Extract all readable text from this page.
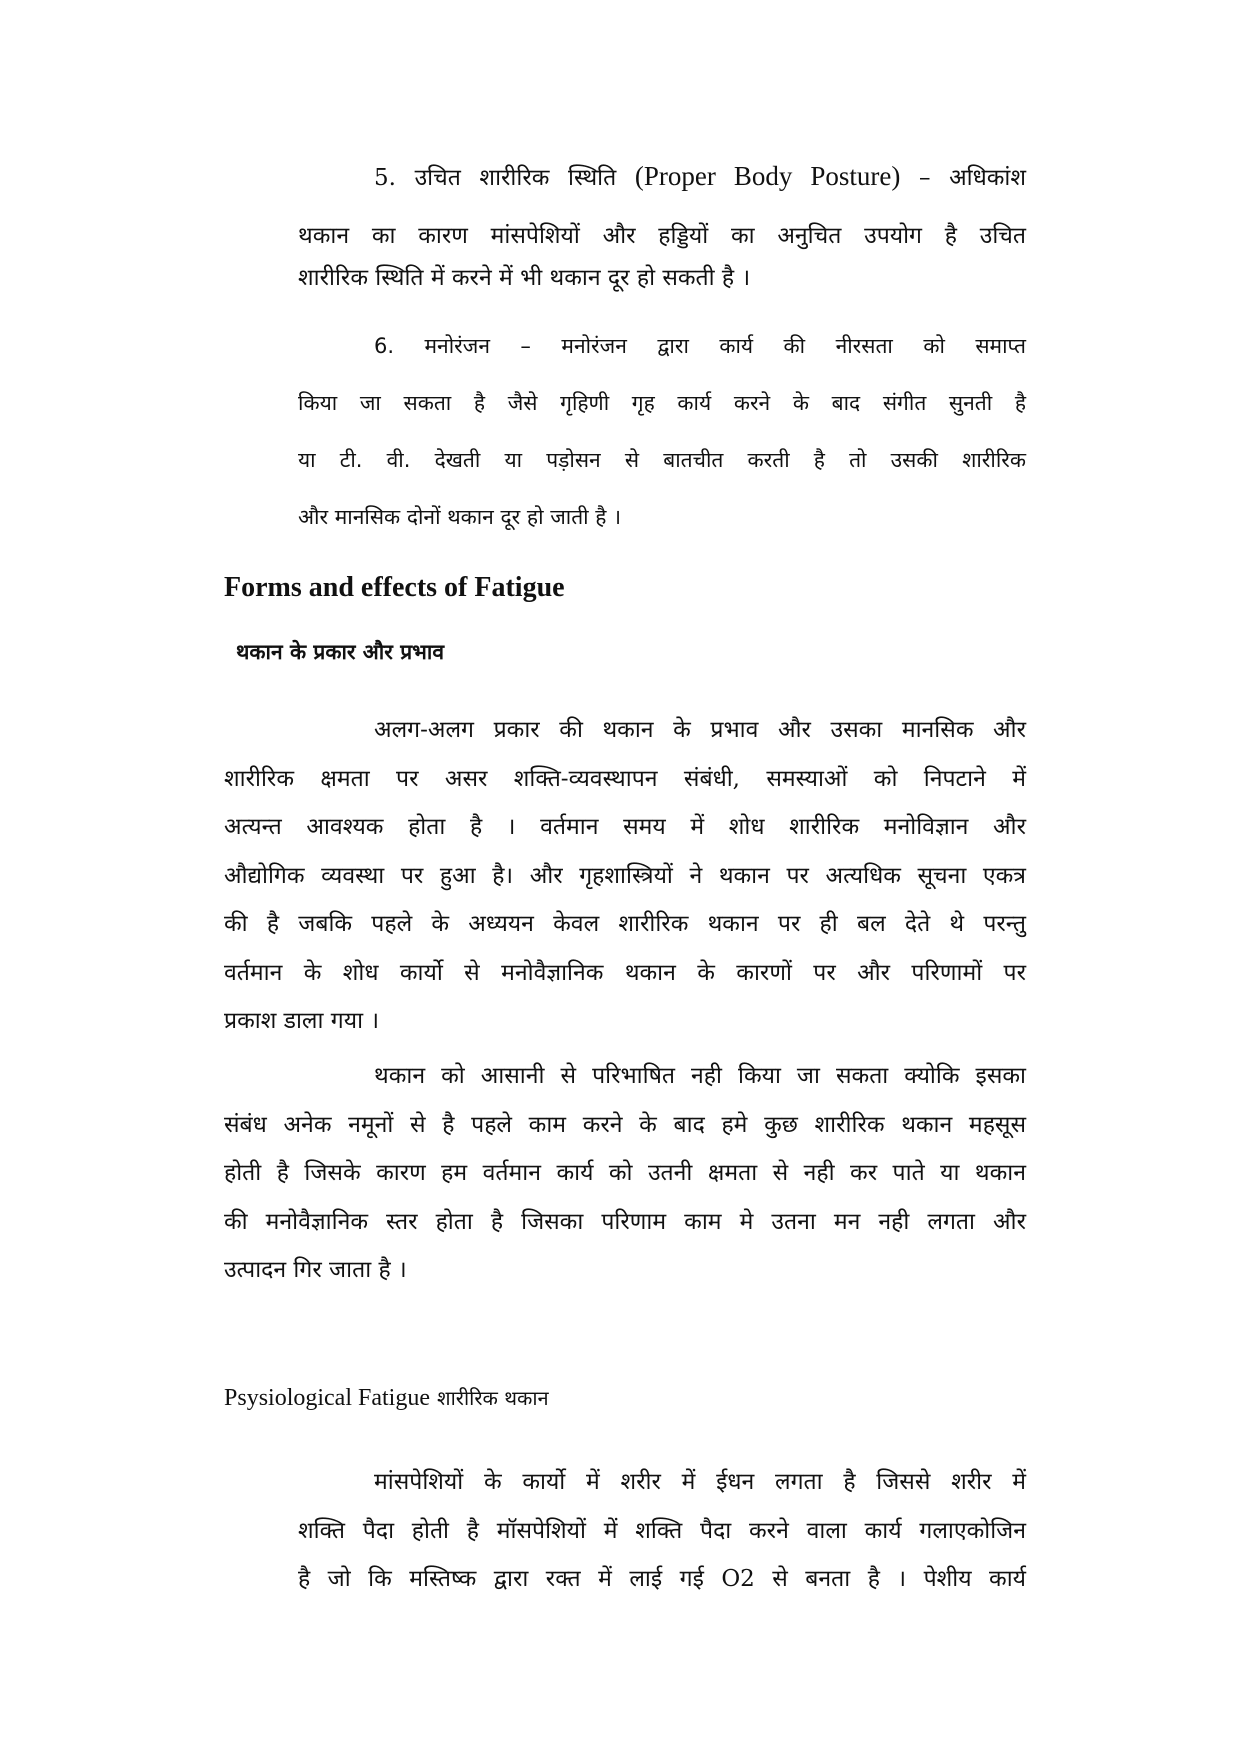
5. उचित शारीरिक स्थिति (Proper Body Posture) – अधिकांश
थकान का कारण मांसपेशियों और हड्डियों का अनुचित उपयोग है उचित
शारीरिक स्थिति में करने में भी थकान दूर हो सकती है ।
6. मनोरंजन – मनोरंजन द्वारा कार्य की नीरसता को समाप्त
किया जा सकता है जैसे गृहिणी गृह कार्य करने के बाद संगीत सुनती है
या टी. वी. देखती या पड़ोसन से बातचीत करती है तो उसकी शारीरिक
और मानसिक दोनों थकान दूर हो जाती है ।
Forms and effects of Fatigue
थकान के प्रकार और प्रभाव
अलग-अलग प्रकार की थकान के प्रभाव और उसका मानसिक और
शारीरिक क्षमता पर असर शक्ति-व्यवस्थापन संबंधी, समस्याओं को निपटाने में
अत्यन्त आवश्यक होता है । वर्तमान समय में शोध शारीरिक मनोविज्ञान और
औद्योगिक व्यवस्था पर हुआ है। और गृहशास्त्रियों ने थकान पर अत्यधिक सूचना एकत्र
की है जबकि पहले के अध्ययन केवल शारीरिक थकान पर ही बल देते थे परन्तु
वर्तमान के शोध कार्यो से मनोवैज्ञानिक थकान के कारणों पर और परिणामों पर
प्रकाश डाला गया ।
थकान को आसानी से परिभाषित नही किया जा सकता क्योकि इसका
संबंध अनेक नमूनों से है पहले काम करने के बाद हमे कुछ शारीरिक थकान महसूस
होती है जिसके कारण हम वर्तमान कार्य को उतनी क्षमता से नही कर पाते या थकान
की मनोवैज्ञानिक स्तर होता है जिसका परिणाम काम मे उतना मन नही लगता और
उत्पादन गिर जाता है ।
Psysiological Fatigue शारीरिक थकान
मांसपेशियों के कार्यो में शरीर में ईधन लगता है जिससे शरीर में
शक्ति पैदा होती है मॉसपेशियों में शक्ति पैदा करने वाला कार्य गलाएकोजिन
है जो कि मस्तिष्क द्वारा रक्त में लाई गई O2 से बनता है । पेशीय कार्य
